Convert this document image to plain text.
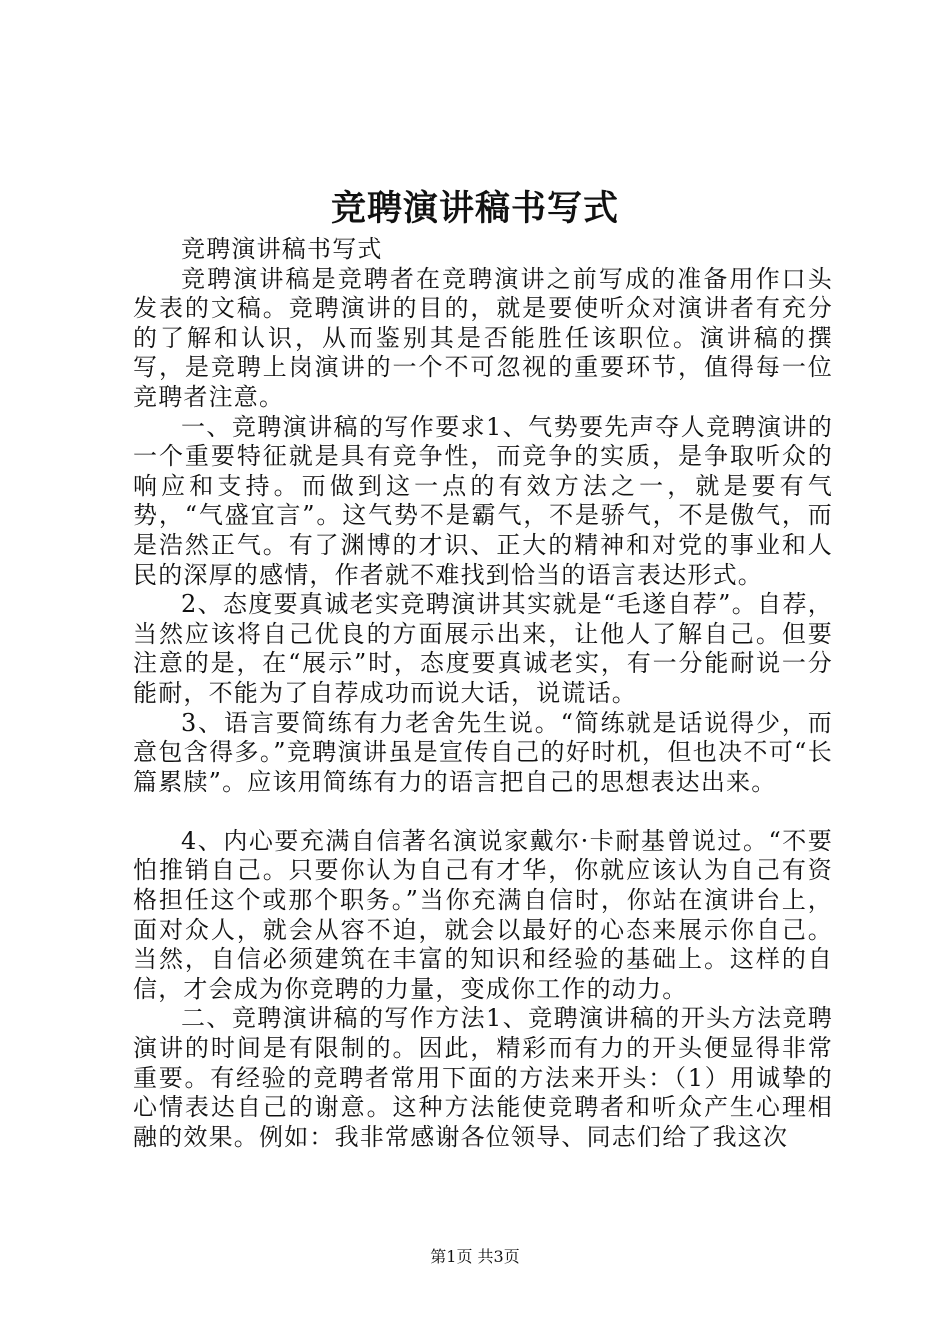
竞聘演讲稿书写式

竞聘演讲稿书写式

竞聘演讲稿是竞聘者在竞聘演讲之前写成的准备用作口头发表的文稿。竞聘演讲的目的，就是要使听众对演讲者有充分的了解和认识，从而鉴别其是否能胜任该职位。演讲稿的撰写，是竞聘上岗演讲的一个不可忽视的重要环节，值得每一位竞聘者注意。

一、竞聘演讲稿的写作要求1、气势要先声夺人竞聘演讲的一个重要特征就是具有竞争性，而竞争的实质，是争取听众的响应和支持。而做到这一点的有效方法之一，就是要有气势，“气盛宜言”。这气势不是霸气，不是骄气，不是傲气，而是浩然正气。有了渊博的才识、正大的精神和对党的事业和人民的深厚的感情，作者就不难找到恰当的语言表达形式。

2、态度要真诚老实竞聘演讲其实就是“毛遂自荐”。自荐，当然应该将自己优良的方面展示出来，让他人了解自己。但要注意的是，在“展示”时，态度要真诚老实，有一分能耐说一分能耐，不能为了自荐成功而说大话，说谎话。

3、语言要简练有力老舍先生说。“简练就是话说得少，而意包含得多。”竞聘演讲虽是宣传自己的好时机，但也决不可“长篇累牍”。应该用简练有力的语言把自己的思想表达出来。

4、内心要充满自信著名演说家戴尔·卡耐基曾说过。“不要怕推销自己。只要你认为自己有才华，你就应该认为自己有资格担任这个或那个职务。”当你充满自信时，你站在演讲台上，面对众人，就会从容不迫，就会以最好的心态来展示你自己。当然，自信必须建筑在丰富的知识和经验的基础上。这样的自信，才会成为你竞聘的力量，变成你工作的动力。

二、竞聘演讲稿的写作方法1、竞聘演讲稿的开头方法竞聘演讲的时间是有限制的。因此，精彩而有力的开头便显得非常重要。有经验的竞聘者常用下面的方法来开头：（1）用诚挚的心情表达自己的谢意。这种方法能使竞聘者和听众产生心理相融的效果。例如：我非常感谢各位领导、同志们给了我这次

第1页 共3页
